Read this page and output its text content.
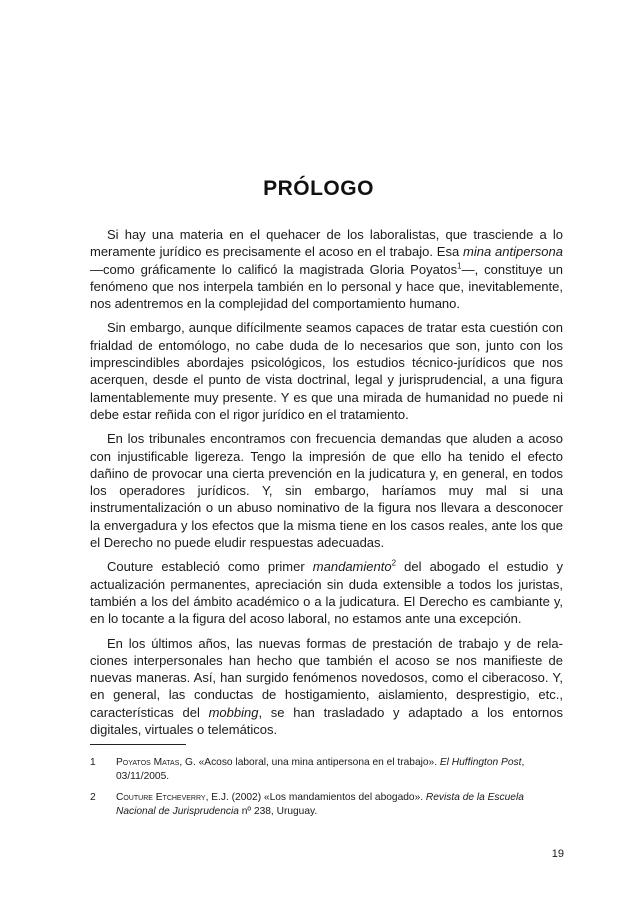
PRÓLOGO

Si hay una materia en el quehacer de los laboralistas, que trasciende a lo meramente jurídico es precisamente el acoso en el trabajo. Esa mina antipersona —como gráficamente lo calificó la magistrada Gloria Poyatos$^1$—, constituye un fenómeno que nos interpela también en lo personal y hace que, inevitablemente, nos adentremos en la complejidad del comportamiento humano.

Sin embargo, aunque difícilmente seamos capaces de tratar esta cuestión con frialdad de entomólogo, no cabe duda de lo necesarios que son, junto con los imprescindibles abordajes psicológicos, los estudios técnico-jurídicos que nos acerquen, desde el punto de vista doctrinal, legal y jurisprudencial, a una figura lamentablemente muy presente. Y es que una mirada de humanidad no puede ni debe estar reñida con el rigor jurídico en el tratamiento.

En los tribunales encontramos con frecuencia demandas que aluden a acoso con injustificable ligereza. Tengo la impresión de que ello ha tenido el efecto dañino de provocar una cierta prevención en la judicatura y, en general, en todos los operadores jurídicos. Y, sin embargo, haríamos muy mal si una instrumentalización o un abuso nominativo de la figura nos llevara a desconocer la envergadura y los efectos que la misma tiene en los casos reales, ante los que el Derecho no puede eludir respuestas adecuadas.

Couture estableció como primer mandamiento$^2$ del abogado el estudio y actualización permanentes, apreciación sin duda extensible a todos los juristas, también a los del ámbito académico o a la judicatura. El Derecho es cambiante y, en lo tocante a la figura del acoso laboral, no estamos ante una excepción.

En los últimos años, las nuevas formas de prestación de trabajo y de relaciones interpersonales han hecho que también el acoso se nos manifieste de nuevas maneras. Así, han surgido fenómenos novedosos, como el ciberacoso. Y, en general, las conductas de hostigamiento, aislamiento, desprestigio, etc., características del mobbing, se han trasladado y adaptado a los entornos digitales, virtuales o telemáticos.

1 Poyatos Matas, G. «Acoso laboral, una mina antipersona en el trabajo». El Huffington Post, 03/11/2005.
2 Couture Etcheverry, E.J. (2002) «Los mandamientos del abogado». Revista de la Escuela Nacional de Jurisprudencia nº 238, Uruguay.
19
